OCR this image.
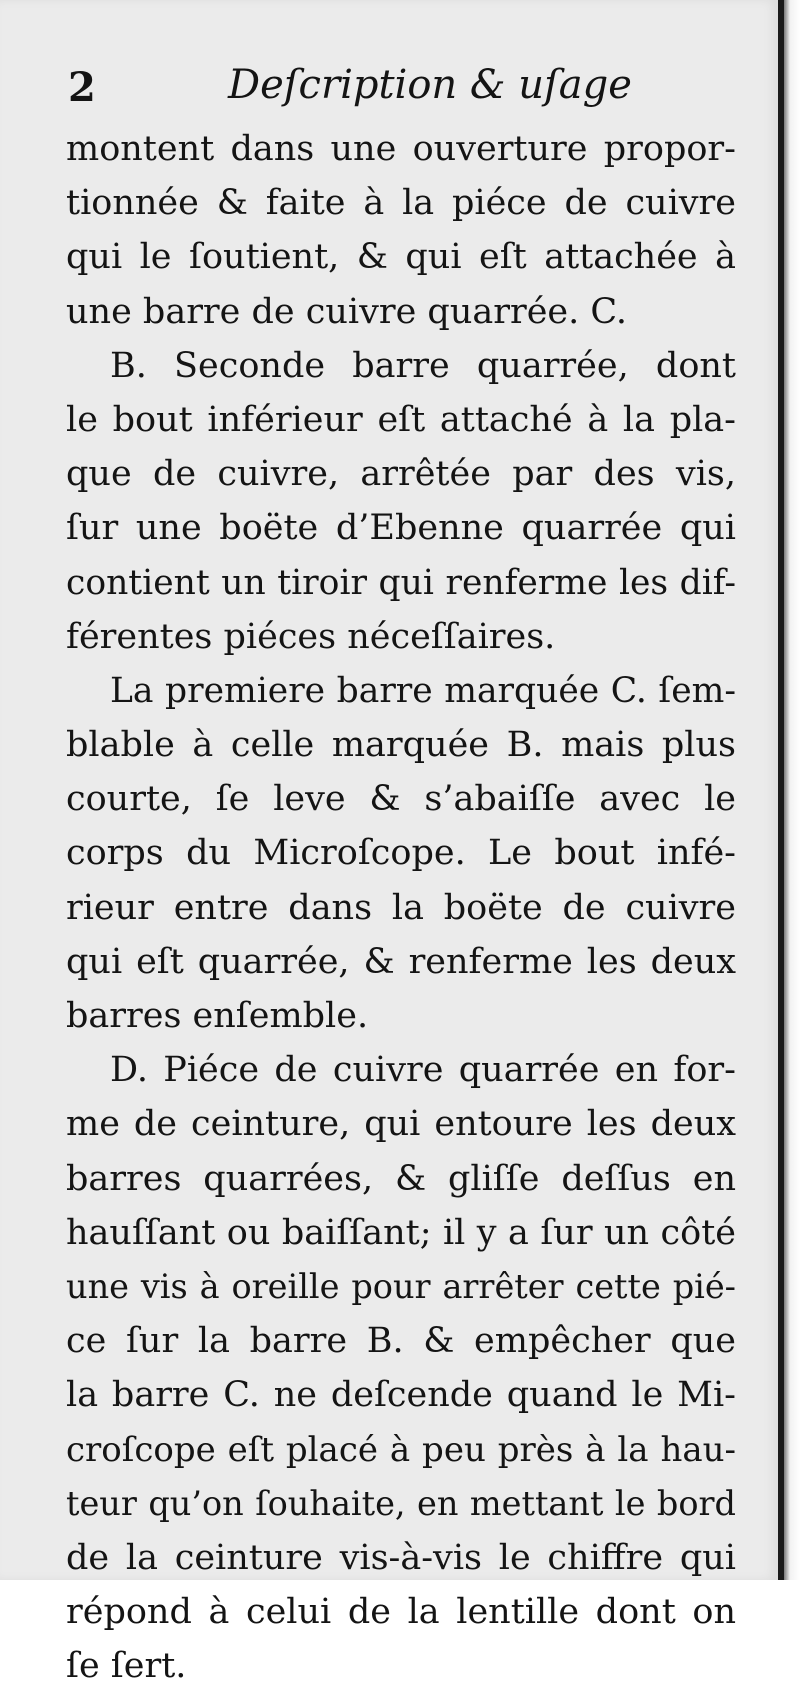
2	Deſcription & uſage
montent dans une ouverture propor-
tionnée & faite à la piéce de cuivre
qui le ſoutient, & qui eſt attachée à
une barre de cuivre quarrée. C.
B. Seconde barre quarrée, dont
le bout inférieur eſt attaché à la pla-
que de cuivre, arrêtée par des vis,
ſur une boëte d’Ebenne quarrée qui
contient un tiroir qui renferme les dif-
férentes piéces néceſſaires.
La premiere barre marquée C. ſem-
blable à celle marquée B. mais plus
courte, ſe leve & s’abaiſſe avec le
corps du Microſcope. Le bout infé-
rieur entre dans la boëte de cuivre
qui eſt quarrée, & renferme les deux
barres enſemble.
D. Piéce de cuivre quarrée en for-
me de ceinture, qui entoure les deux
barres quarrées, & gliſſe deſſus en
hauſſant ou baiſſant; il y a ſur un côté
une vis à oreille pour arrêter cette pié-
ce ſur la barre B. & empêcher que
la barre C. ne deſcende quand le Mi-
croſcope eſt placé à peu près à la hau-
teur qu’on ſouhaite, en mettant le bord
de la ceinture vis-à-vis le chiffre qui
répond à celui de la lentille dont on
ſe ſert.
